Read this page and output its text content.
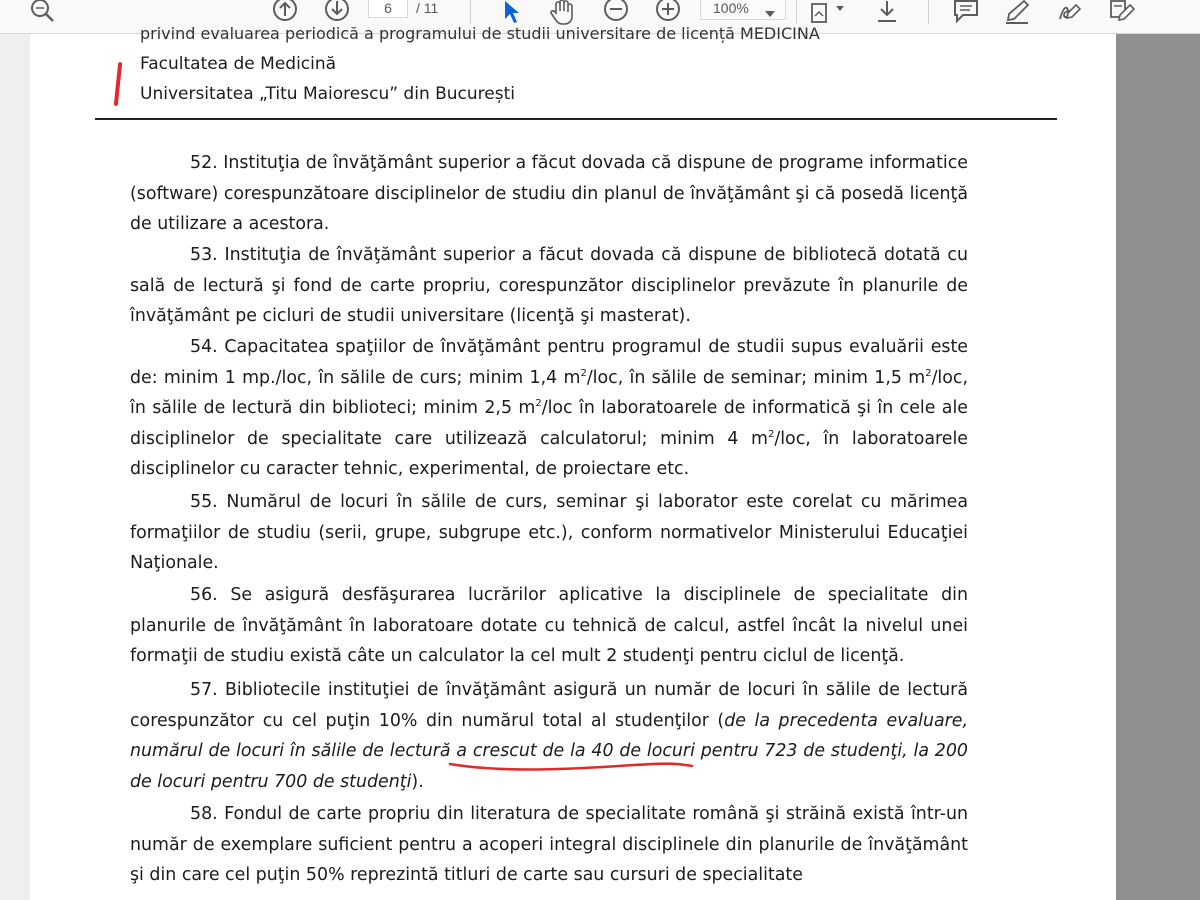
6	/ 11	100%
privind evaluarea periodică a programului de studii universitare de licență MEDICINA
Facultatea de Medicină
Universitatea „Titu Maiorescu” din București
52. Instituţia de învăţământ superior a făcut dovada că dispune de programe informatice (software) corespunzătoare disciplinelor de studiu din planul de învăţământ şi că posedă licenţă de utilizare a acestora.
53. Instituţia de învăţământ superior a făcut dovada că dispune de bibliotecă dotată cu sală de lectură şi fond de carte propriu, corespunzător disciplinelor prevăzute în planurile de învăţământ pe cicluri de studii universitare (licenţă şi masterat).
54. Capacitatea spaţiilor de învăţământ pentru programul de studii supus evaluării este de: minim 1 mp./loc, în sălile de curs; minim 1,4 $m^2$/loc, în sălile de seminar; minim 1,5 $m^2$/loc, în sălile de lectură din biblioteci; minim 2,5 $m^2$/loc în laboratoarele de informatică şi în cele ale disciplinelor de specialitate care utilizează calculatorul; minim 4 $m^2$/loc, în laboratoarele disciplinelor cu caracter tehnic, experimental, de proiectare etc.
55. Numărul de locuri în sălile de curs, seminar şi laborator este corelat cu mărimea formaţiilor de studiu (serii, grupe, subgrupe etc.), conform normativelor Ministerului Educaţiei Naţionale.
56. Se asigură desfăşurarea lucrărilor aplicative la disciplinele de specialitate din planurile de învăţământ în laboratoare dotate cu tehnică de calcul, astfel încât la nivelul unei formaţii de studiu există câte un calculator la cel mult 2 studenţi pentru ciclul de licenţă.
57. Bibliotecile instituţiei de învăţământ asigură un număr de locuri în sălile de lectură corespunzător cu cel puţin 10% din numărul total al studenţilor (de la precedenta evaluare, numărul de locuri în sălile de lectură a crescut de la 40 de locuri pentru 723 de studenţi, la 200 de locuri pentru 700 de studenţi).
58. Fondul de carte propriu din literatura de specialitate română şi străină există într-un număr de exemplare suficient pentru a acoperi integral disciplinele din planurile de învăţământ şi din care cel puţin 50% reprezintă titluri de carte sau cursuri de specialitate
